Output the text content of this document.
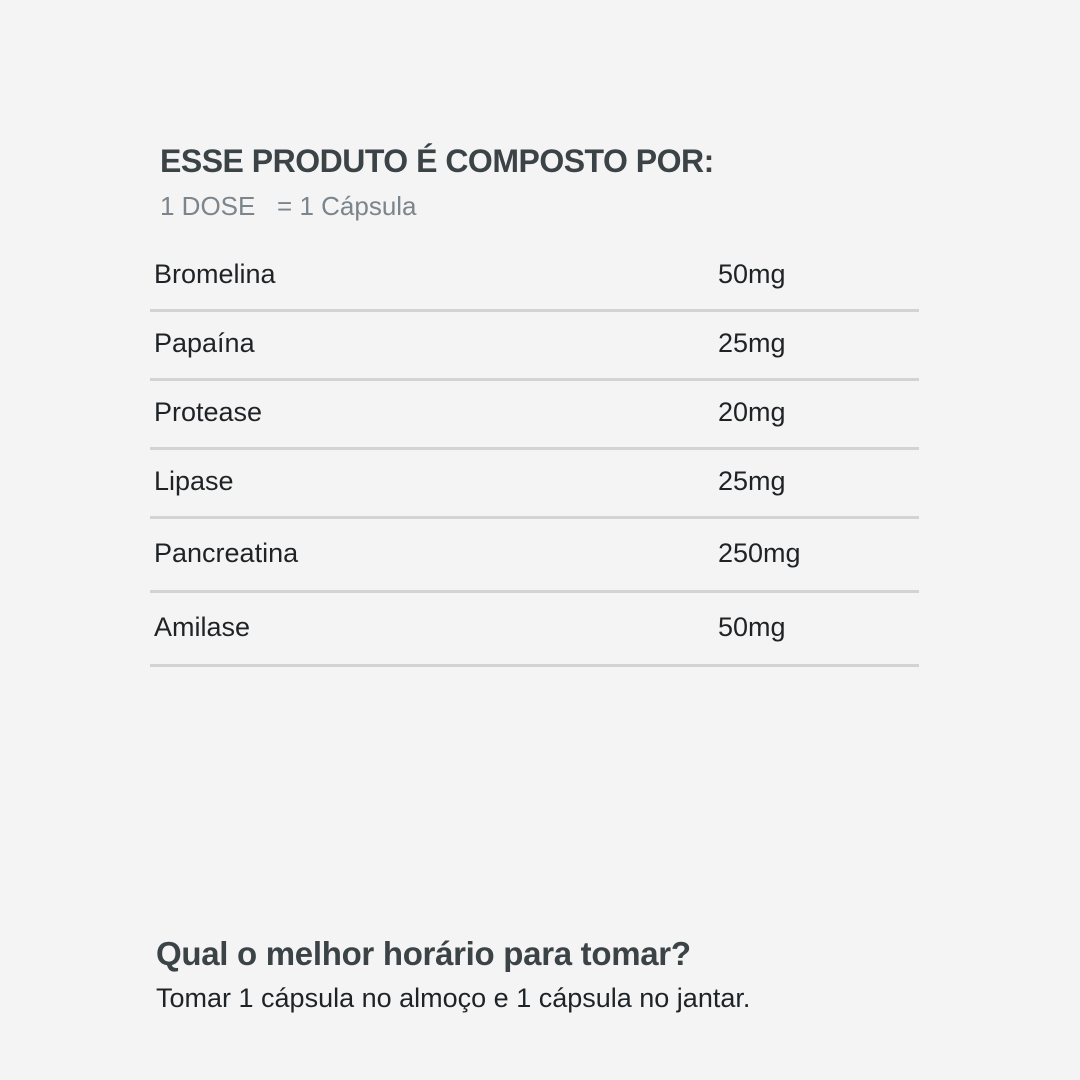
ESSE PRODUTO É COMPOSTO POR:
1 DOSE   = 1 Cápsula
Bromelina	50mg
Papaína	25mg
Protease	20mg
Lipase	25mg
Pancreatina	250mg
Amilase	50mg
Qual o melhor horário para tomar?
Tomar 1 cápsula no almoço e 1 cápsula no jantar.
